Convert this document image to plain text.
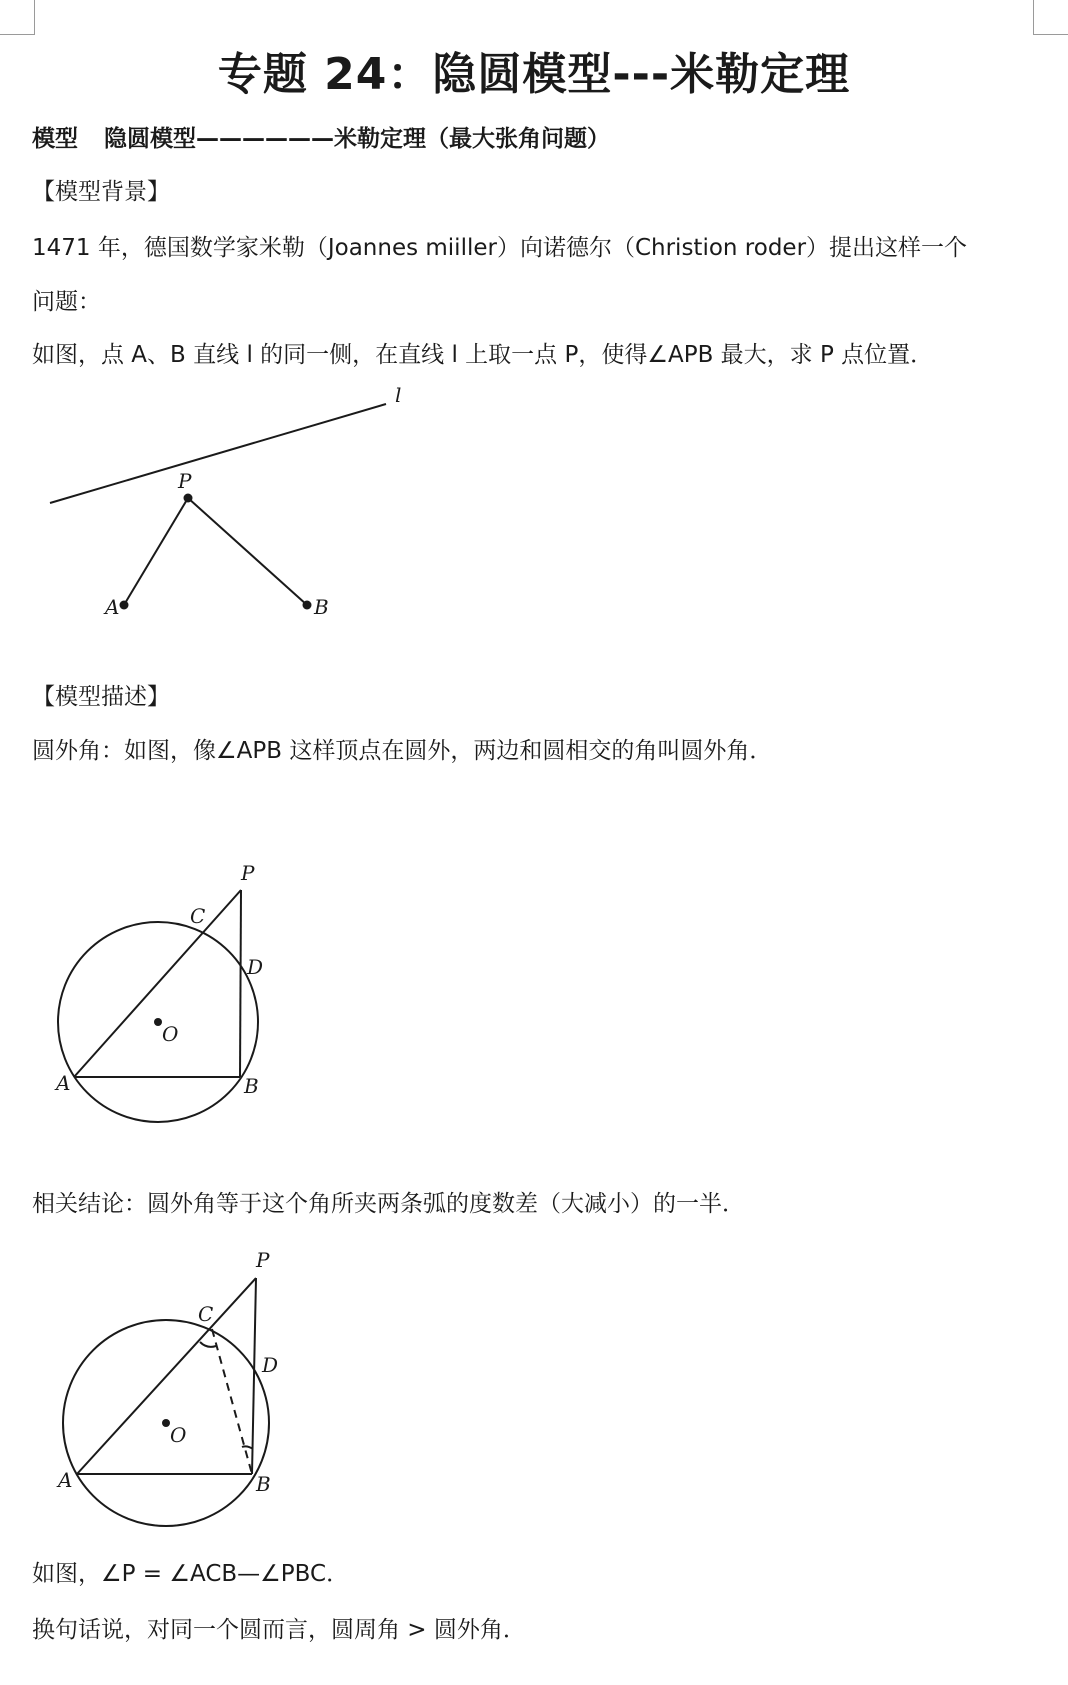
专题 24：隐圆模型---米勒定理
模型 隐圆模型——————米勒定理（最大张角问题）
【模型背景】
1471 年，德国数学家米勒（Joannes miiller）向诺德尔（Christion roder）提出这样一个
问题：
如图，点 A、B 直线 l 的同一侧，在直线 l 上取一点 P，使得∠APB 最大，求 P 点位置．
l
P
A	B
【模型描述】
圆外角：如图，像∠APB 这样顶点在圆外，两边和圆相交的角叫圆外角．
P
C
D
O
A	B
相关结论：圆外角等于这个角所夹两条弧的度数差（大减小）的一半．
P
C
D
O
A	B
如图，∠P = ∠ACB—∠PBC．
换句话说，对同一个圆而言，圆周角 > 圆外角．
